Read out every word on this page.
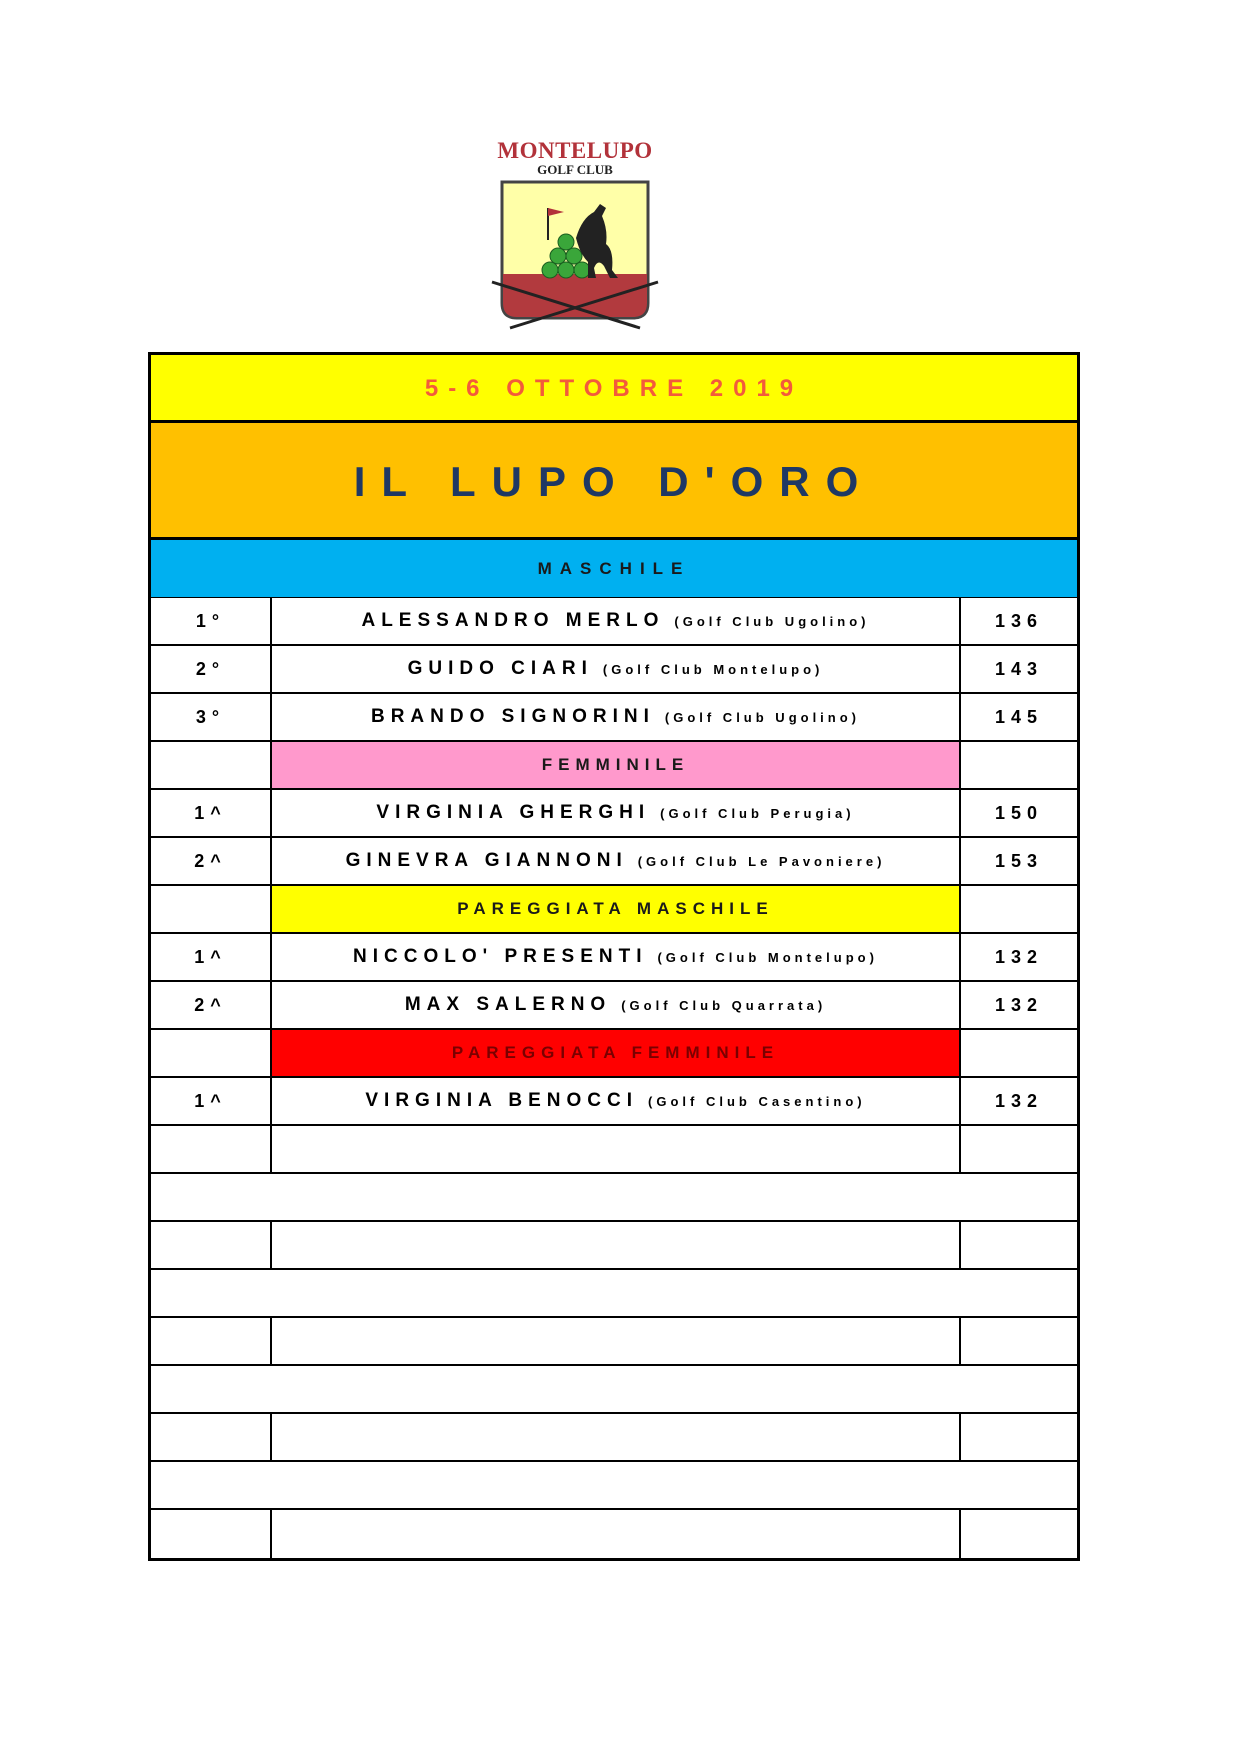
MONTELUPO
GOLF CLUB
5-6 OTTOBRE 2019
IL LUPO D'ORO
MASCHILE
1°	ALESSANDRO MERLO (Golf Club Ugolino)	136
2°	GUIDO CIARI (Golf Club Montelupo)	143
3°	BRANDO SIGNORINI (Golf Club Ugolino)	145
FEMMINILE
1^	VIRGINIA GHERGHI (Golf Club Perugia)	150
2^	GINEVRA GIANNONI (Golf Club Le Pavoniere)	153
PAREGGIATA MASCHILE
1^	NICCOLO' PRESENTI (Golf Club Montelupo)	132
2^	MAX SALERNO (Golf Club Quarrata)	132
PAREGGIATA FEMMINILE
1^	VIRGINIA BENOCCI (Golf Club Casentino)	132
